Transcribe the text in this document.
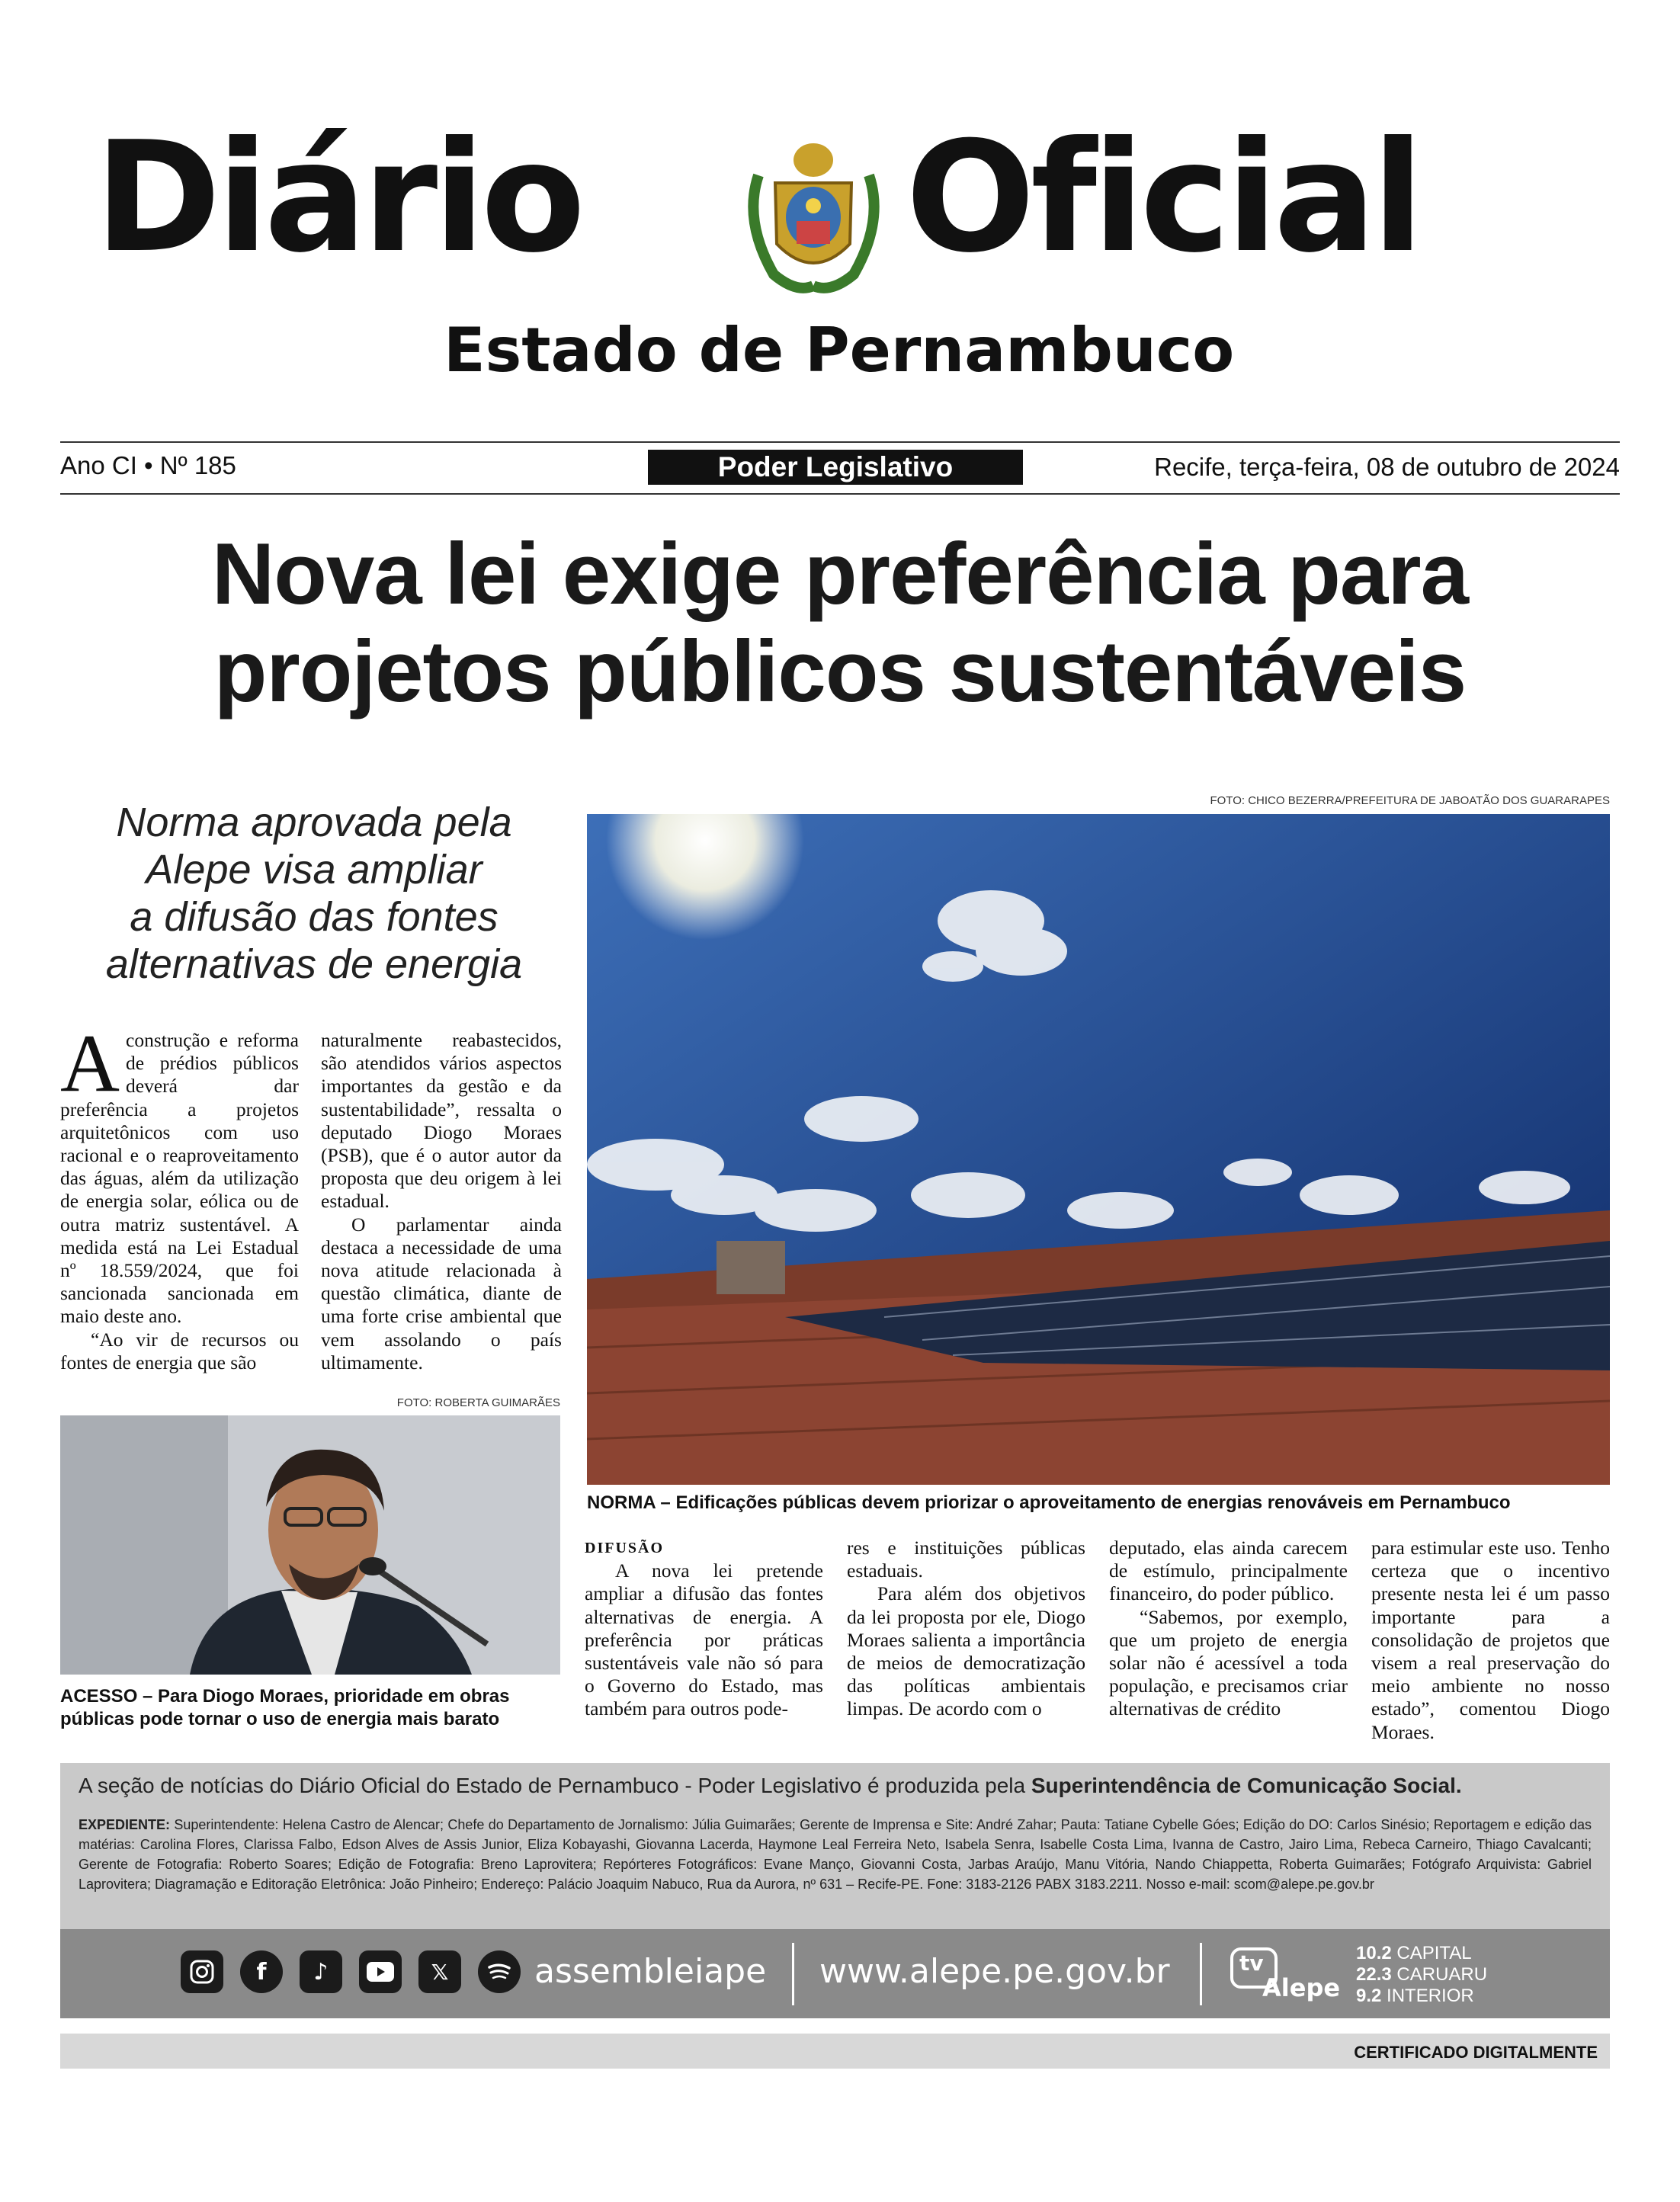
Diário Oficial
Estado de Pernambuco
Ano CI • Nº 185	Poder Legislativo	Recife, terça-feira, 08 de outubro de 2024
Nova lei exige preferência para
projetos públicos sustentáveis
Norma aprovada pela
Alepe visa ampliar
a difusão das fontes
alternativas de energia

Aconstrução e reforma de prédios públicos deverá dar preferência a projetos arquitetônicos com uso racional e o reaproveitamento das águas, além da utilização de energia solar, eólica ou de outra matriz sustentável. A medida está na Lei Estadual nº 18.559/2024, que foi sancionada sancionada em maio deste ano.

“Ao vir de recursos ou fontes de energia que são

naturalmente reabastecidos, são atendidos vários aspectos importantes da gestão e da sustentabilidade”, ressalta o deputado Diogo Moraes (PSB), que é o autor autor da proposta que deu origem à lei estadual.

O parlamentar ainda destaca a necessidade de uma nova atitude relacionada à questão climática, diante de uma forte crise ambiental que vem assolando o país ultimamente.

FOTO: ROBERTA GUIMARÃES
ACESSO – Para Diogo Moraes, prioridade em obras
públicas pode tornar o uso de energia mais barato
FOTO: CHICO BEZERRA/PREFEITURA DE JABOATÃO DOS GUARARAPES
NORMA – Edificações públicas devem priorizar o aproveitamento de energias renováveis em Pernambuco
DIFUSÃO

A nova lei pretende ampliar a difusão das fontes alternativas de energia. A preferência por práticas sustentáveis vale não só para o Governo do Estado, mas também para outros pode-

res e instituições públicas estaduais.

Para além dos objetivos da lei proposta por ele, Diogo Moraes salienta a importância de meios de democratização das políticas ambientais limpas. De acordo com o

deputado, elas ainda carecem de estímulo, principalmente financeiro, do poder público.

“Sabemos, por exemplo, que um projeto de energia solar não é acessível a toda população, e precisamos criar alternativas de crédito

para estimular este uso. Tenho certeza que o incentivo presente nesta lei é um passo importante para a consolidação de projetos que visem a real preservação do meio ambiente no nosso estado”, comentou Diogo Moraes.

A seção de notícias do Diário Oficial do Estado de Pernambuco - Poder Legislativo é produzida pela Superintendência de Comunicação Social.
EXPEDIENTE: Superintendente: Helena Castro de Alencar; Chefe do Departamento de Jornalismo: Júlia Guimarães; Gerente de Imprensa e Site: André Zahar; Pauta: Tatiane Cybelle Góes; Edição do DO: Carlos Sinésio; Reportagem e edição das matérias: Carolina Flores, Clarissa Falbo, Edson Alves de Assis Junior, Eliza Kobayashi, Giovanna Lacerda, Haymone Leal Ferreira Neto, Isabela Senra, Isabelle Costa Lima, Ivanna de Castro, Jairo Lima, Rebeca Carneiro, Thiago Cavalcanti; Gerente de Fotografia: Roberto Soares; Edição de Fotografia: Breno Laprovitera; Repórteres Fotográficos: Evane Manço, Giovanni Costa, Jarbas Araújo, Manu Vitória, Nando Chiappetta, Roberta Guimarães; Fotógrafo Arquivista: Gabriel Laprovitera; Diagramação e Editoração Eletrônica: João Pinheiro; Endereço: Palácio Joaquim Nabuco, Rua da Aurora, nº 631 – Recife-PE. Fone: 3183-2126 PABX 3183.2211. Nosso e-mail: scom@alepe.pe.gov.br
f	♪	𝕏	assembleiape www.alepe.pe.gov.br	tv
Alepe
10.2 CAPITAL
22.3 CARUARU
9.2 INTERIOR
CERTIFICADO DIGITALMENTE
